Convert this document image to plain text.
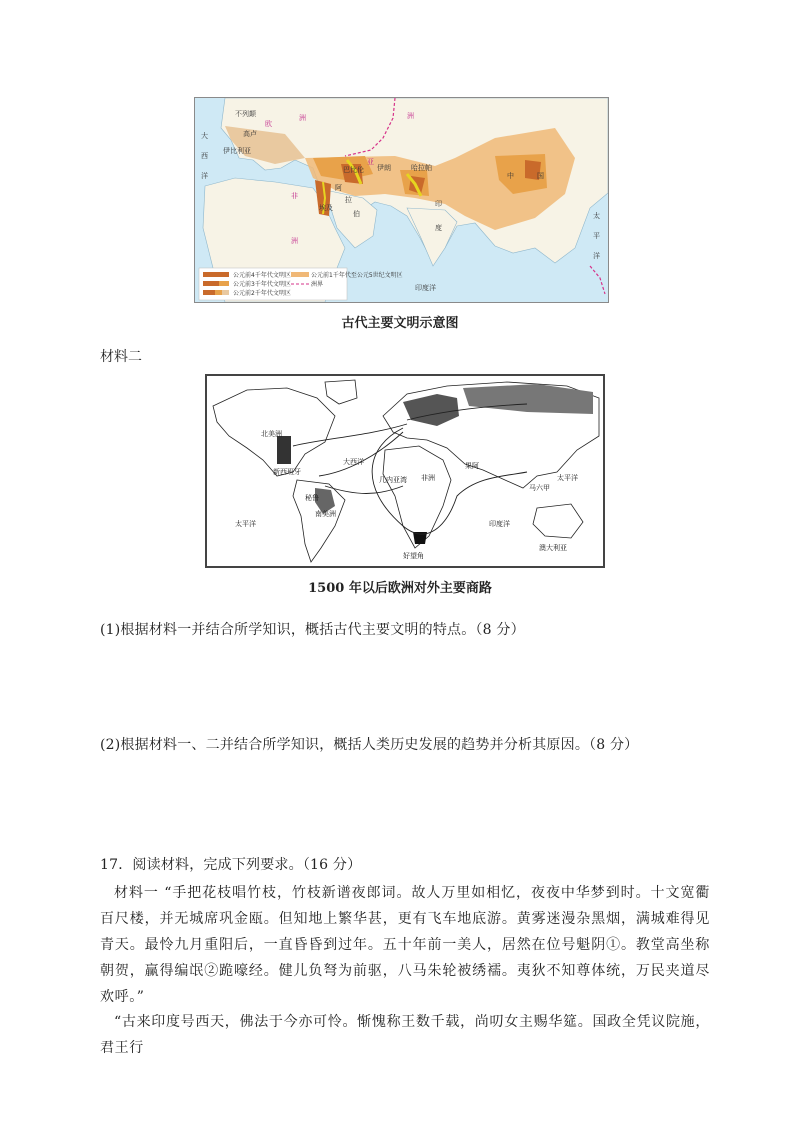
不列颠
高卢
伊比利亚
伊朗
印
度
中	国
阿
拉
伯
埃及
巴比伦	哈拉帕
大
西
洋
太
平
洋
非
洲
欧
洲
亚
洲
印度洋
公元前4千年代文明区
公元前3千年代文明区
公元前2千年代文明区
公元前1千年代至公元5世纪文明区
洲界
古代主要文明示意图
材料二
北美洲
南美洲
大西洋
几内亚湾 非洲
果阿
印度洋
太平洋
太平洋
澳大利亚
新西班牙
秘鲁
好望角
马六甲
1500 年以后欧洲对外主要商路
(1)根据材料一并结合所学知识，概括古代主要文明的特点。（8 分）
(2)根据材料一、二并结合所学知识，概括人类历史发展的趋势并分析其原因。（8 分）
17．阅读材料，完成下列要求。（16 分）
材料一 “手把花枝唱竹枝，竹枝新谱夜郎词。故人万里如相忆，夜夜中华梦到时。十文宽衢百尺楼，并无城席巩金瓯。但知地上繁华甚，更有飞车地底游。黄雾迷漫杂黑烟，满城难得见青天。最怜九月重阳后，一直昏昏到过年。五十年前一美人，居然在位号魁阴①。教堂高坐称朝贺，赢得编氓②跪嚎经。健儿负弩为前驱，八马朱轮被绣襦。夷狄不知尊体统，万民夹道尽欢呼。”
“古来印度号西天，佛法于今亦可怜。惭愧称王数千载，尚叨女主赐华筵。国政全凭议院施，君王行
